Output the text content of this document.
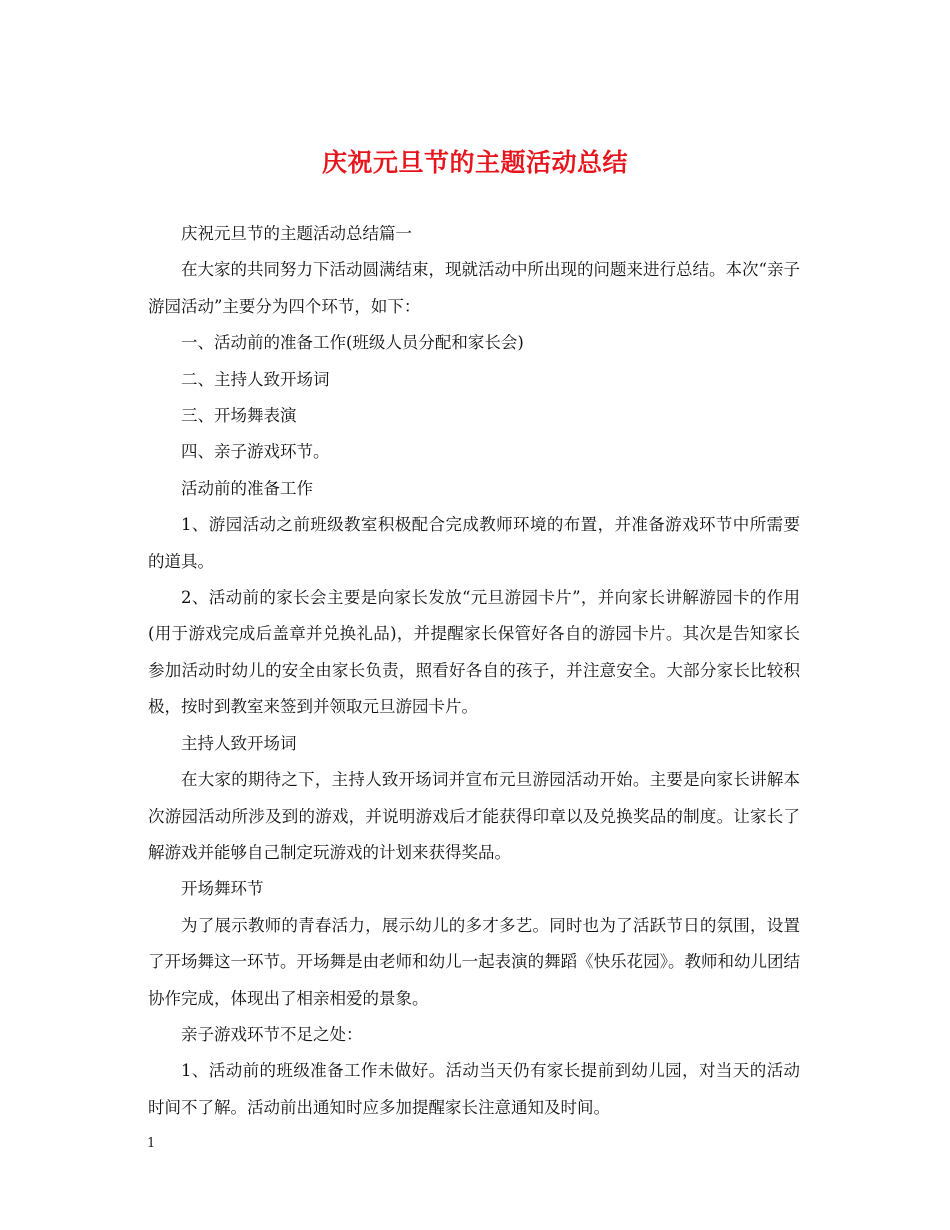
庆祝元旦节的主题活动总结

庆祝元旦节的主题活动总结篇一

在大家的共同努力下活动圆满结束，现就活动中所出现的问题来进行总结。本次“亲子游园活动”主要分为四个环节，如下：

一、活动前的准备工作(班级人员分配和家长会)

二、主持人致开场词

三、开场舞表演

四、亲子游戏环节。

活动前的准备工作

1、游园活动之前班级教室积极配合完成教师环境的布置，并准备游戏环节中所需要的道具。

2、活动前的家长会主要是向家长发放“元旦游园卡片”，并向家长讲解游园卡的作用(用于游戏完成后盖章并兑换礼品)，并提醒家长保管好各自的游园卡片。其次是告知家长参加活动时幼儿的安全由家长负责，照看好各自的孩子，并注意安全。大部分家长比较积极，按时到教室来签到并领取元旦游园卡片。

主持人致开场词

在大家的期待之下，主持人致开场词并宣布元旦游园活动开始。主要是向家长讲解本次游园活动所涉及到的游戏，并说明游戏后才能获得印章以及兑换奖品的制度。让家长了解游戏并能够自己制定玩游戏的计划来获得奖品。

开场舞环节

为了展示教师的青春活力，展示幼儿的多才多艺。同时也为了活跃节日的氛围，设置了开场舞这一环节。开场舞是由老师和幼儿一起表演的舞蹈《快乐花园》。教师和幼儿团结协作完成，体现出了相亲相爱的景象。

亲子游戏环节不足之处：

1、活动前的班级准备工作未做好。活动当天仍有家长提前到幼儿园，对当天的活动时间不了解。活动前出通知时应多加提醒家长注意通知及时间。

1
